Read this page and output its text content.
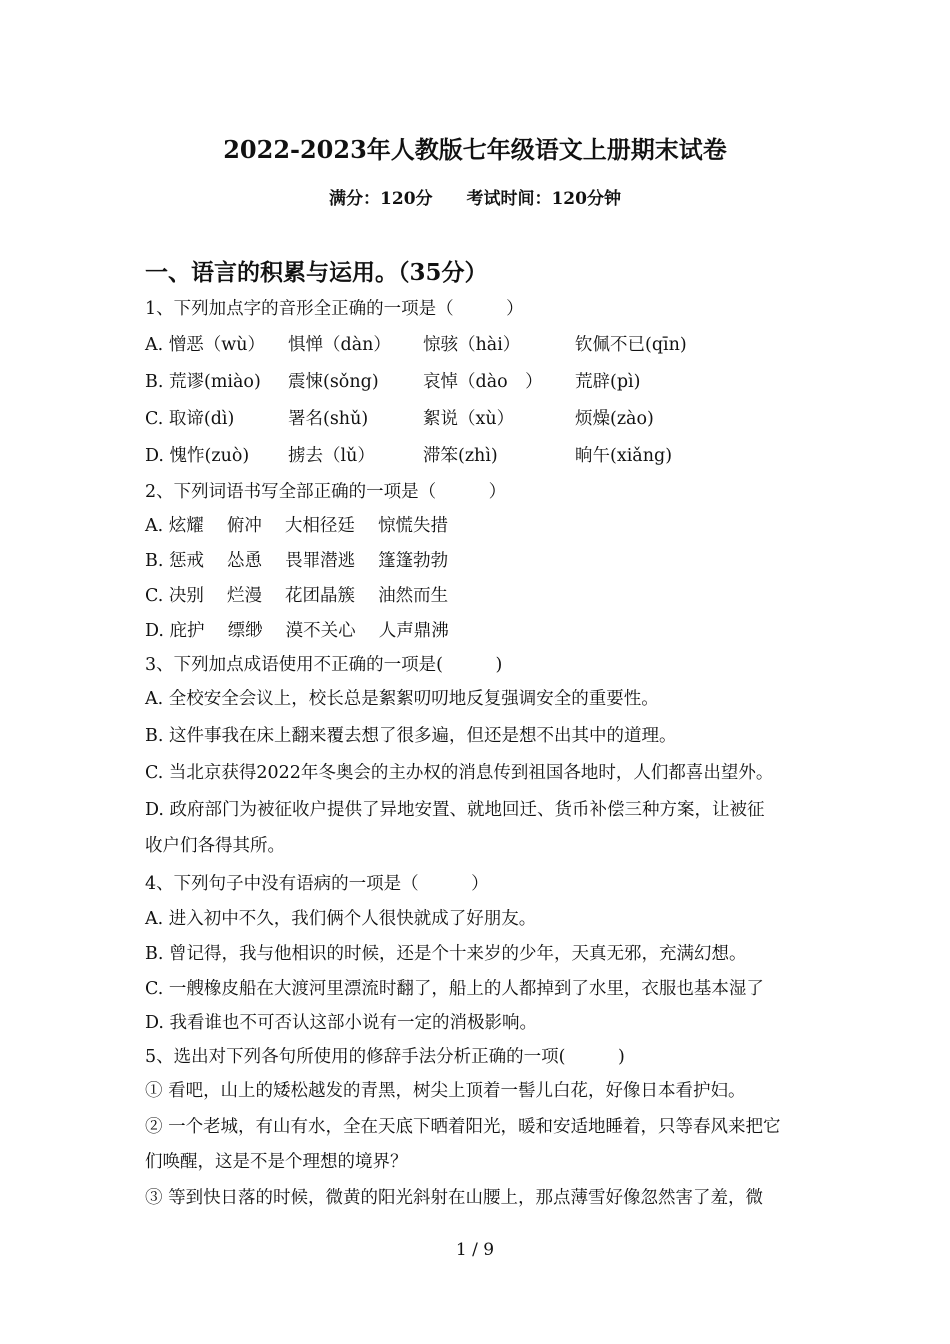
2022-2023年人教版七年级语文上册期末试卷
满分：120分 考试时间：120分钟
一、语言的积累与运用。（35分）
1、下列加点字的音形全正确的一项是（　　　）
A. 憎恶（wù） 惧惮（dàn） 惊骇（hài）	钦佩不已(qīn)
B. 荒谬(miào) 震悚(sǒng)	哀悼（dào　） 荒辟(pì)
C. 取谛(dì)	署名(shǔ)	絮说（xù）	烦燥(zào)
D. 愧怍(zuò) 掳去（lǔ）	滞笨(zhì)	晌午(xiǎng)
2、下列词语书写全部正确的一项是（　　　）
A. 炫耀　 俯冲　 大相径廷　 惊慌失措
B. 惩戒　 怂恿　 畏罪潜逃　 篷篷勃勃
C. 决别　 烂漫　 花团晶簇　 油然而生
D. 庇护　 缥缈　 漠不关心　 人声鼎沸
3、下列加点成语使用不正确的一项是(　　　)
A. 全校安全会议上，校长总是絮絮叨叨地反复强调安全的重要性。
B. 这件事我在床上翻来覆去想了很多遍，但还是想不出其中的道理。
C. 当北京获得2022年冬奥会的主办权的消息传到祖国各地时，人们都喜出望外。
D. 政府部门为被征收户提供了异地安置、就地回迁、货币补偿三种方案，让被征
收户们各得其所。
4、下列句子中没有语病的一项是（　　　）
A. 进入初中不久，我们俩个人很快就成了好朋友。
B. 曾记得，我与他相识的时候，还是个十来岁的少年，天真无邪，充满幻想。
C. 一艘橡皮船在大渡河里漂流时翻了，船上的人都掉到了水里，衣服也基本湿了
D. 我看谁也不可否认这部小说有一定的消极影响。
5、选出对下列各句所使用的修辞手法分析正确的一项(　　　)
① 看吧，山上的矮松越发的青黑，树尖上顶着一髻儿白花，好像日本看护妇。
② 一个老城，有山有水，全在天底下晒着阳光，暖和安适地睡着，只等春风来把它
们唤醒，这是不是个理想的境界？
③ 等到快日落的时候，微黄的阳光斜射在山腰上，那点薄雪好像忽然害了羞，微
1 / 9
